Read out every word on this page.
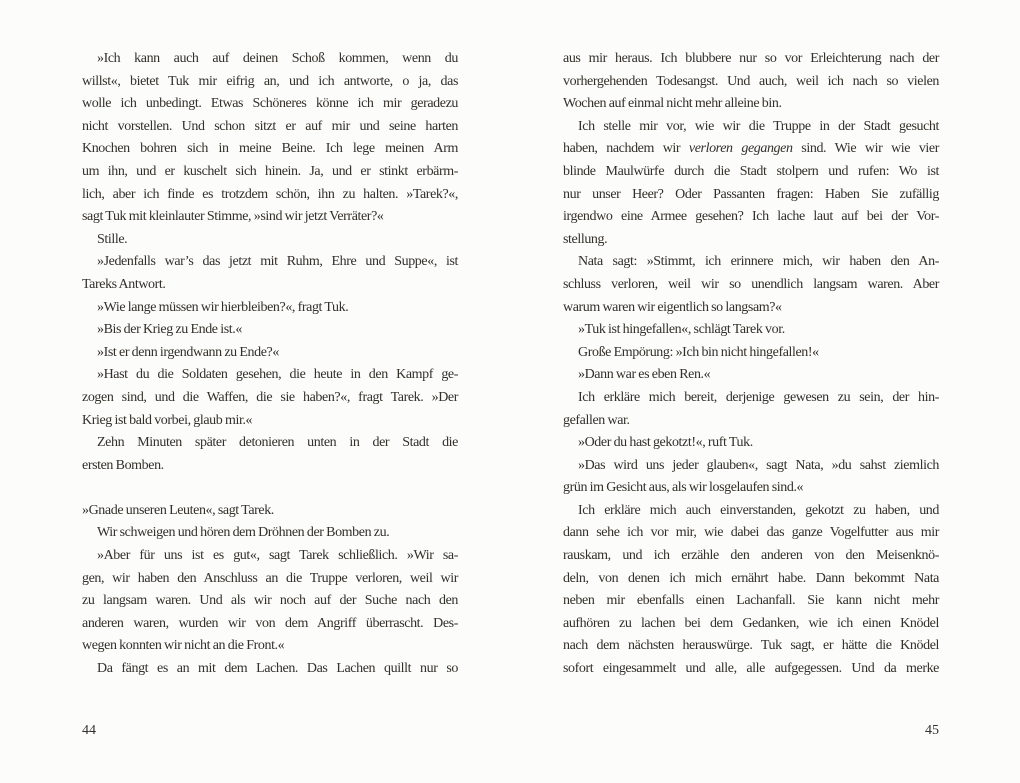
»Ich kann auch auf deinen Schoß kommen, wenn du
willst«, bietet Tuk mir eifrig an, und ich antworte, o ja, das
wolle ich unbedingt. Etwas Schöneres könne ich mir geradezu
nicht vorstellen. Und schon sitzt er auf mir und seine harten
Knochen bohren sich in meine Beine. Ich lege meinen Arm
um ihn, und er kuschelt sich hinein. Ja, und er stinkt erbärm-
lich, aber ich finde es trotzdem schön, ihn zu halten. »Tarek?«,
sagt Tuk mit kleinlauter Stimme, »sind wir jetzt Verräter?«

Stille.

»Jedenfalls war’s das jetzt mit Ruhm, Ehre und Suppe«, ist
Tareks Antwort.

»Wie lange müssen wir hierbleiben?«, fragt Tuk.

»Bis der Krieg zu Ende ist.«

»Ist er denn irgendwann zu Ende?«

»Hast du die Soldaten gesehen, die heute in den Kampf ge-
zogen sind, und die Waffen, die sie haben?«, fragt Tarek. »Der
Krieg ist bald vorbei, glaub mir.«

Zehn Minuten später detonieren unten in der Stadt die
ersten Bomben.

»Gnade unseren Leuten«, sagt Tarek.

Wir schweigen und hören dem Dröhnen der Bomben zu.

»Aber für uns ist es gut«, sagt Tarek schließlich. »Wir sa-
gen, wir haben den Anschluss an die Truppe verloren, weil wir
zu langsam waren. Und als wir noch auf der Suche nach den
anderen waren, wurden wir von dem Angriff überrascht. Des-
wegen konnten wir nicht an die Front.«

Da fängt es an mit dem Lachen. Das Lachen quillt nur so

44

aus mir heraus. Ich blubbere nur so vor Erleichterung nach der
vorhergehenden Todesangst. Und auch, weil ich nach so vielen
Wochen auf einmal nicht mehr alleine bin.

Ich stelle mir vor, wie wir die Truppe in der Stadt gesucht
haben, nachdem wir verloren gegangen sind. Wie wir wie vier
blinde Maulwürfe durch die Stadt stolpern und rufen: Wo ist
nur unser Heer? Oder Passanten fragen: Haben Sie zufällig
irgendwo eine Armee gesehen? Ich lache laut auf bei der Vor-
stellung.

Nata sagt: »Stimmt, ich erinnere mich, wir haben den An-
schluss verloren, weil wir so unendlich langsam waren. Aber
warum waren wir eigentlich so langsam?«

»Tuk ist hingefallen«, schlägt Tarek vor.

Große Empörung: »Ich bin nicht hingefallen!«

»Dann war es eben Ren.«

Ich erkläre mich bereit, derjenige gewesen zu sein, der hin-
gefallen war.

»Oder du hast gekotzt!«, ruft Tuk.

»Das wird uns jeder glauben«, sagt Nata, »du sahst ziemlich
grün im Gesicht aus, als wir losgelaufen sind.«

Ich erkläre mich auch einverstanden, gekotzt zu haben, und
dann sehe ich vor mir, wie dabei das ganze Vogelfutter aus mir
rauskam, und ich erzähle den anderen von den Meisenknö-
deln, von denen ich mich ernährt habe. Dann bekommt Nata
neben mir ebenfalls einen Lachanfall. Sie kann nicht mehr
aufhören zu lachen bei dem Gedanken, wie ich einen Knödel
nach dem nächsten herauswürge. Tuk sagt, er hätte die Knödel
sofort eingesammelt und alle, alle aufgegessen. Und da merke

45
